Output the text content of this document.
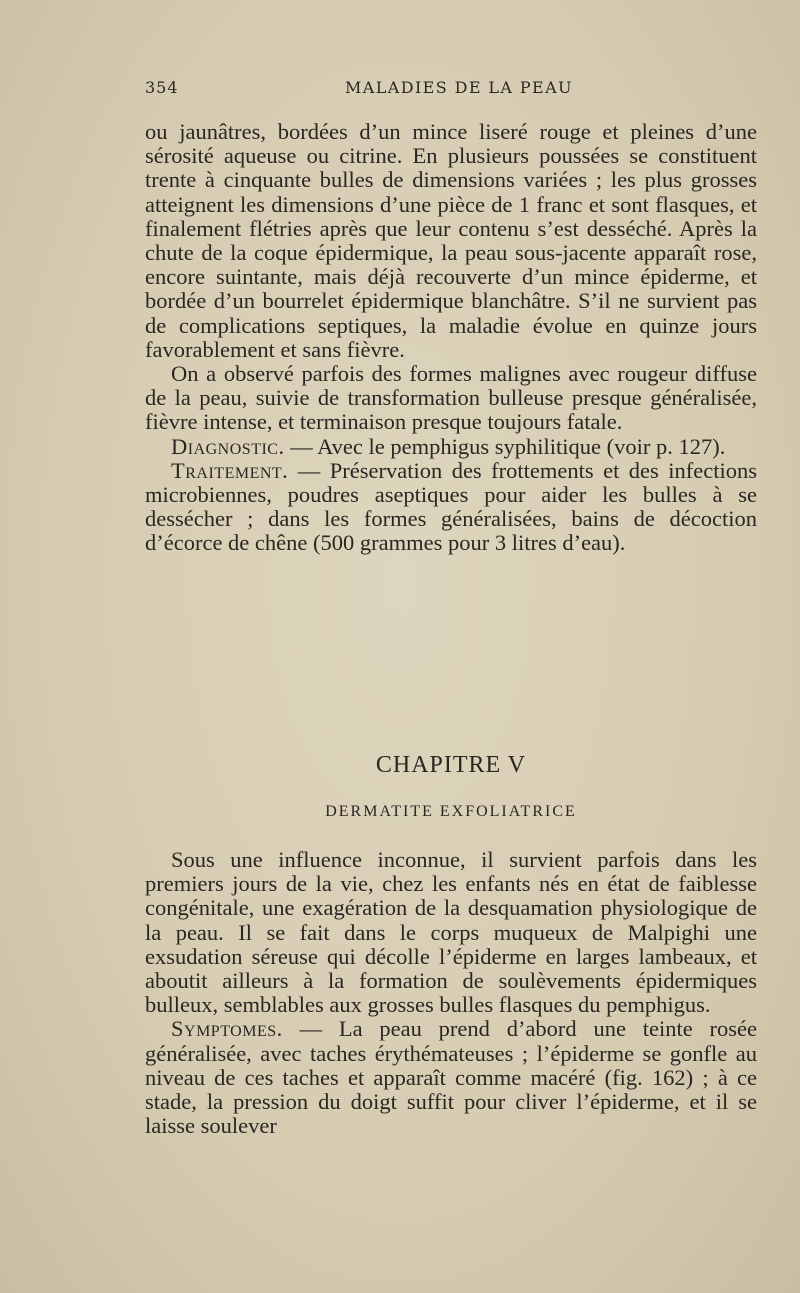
354	MALADIES DE LA PEAU

ou jaunâtres, bordées d’un mince liseré rouge et pleines d’une sérosité aqueuse ou citrine. En plusieurs poussées se constituent trente à cinquante bulles de dimensions variées ; les plus grosses atteignent les dimensions d’une pièce de 1 franc et sont flasques, et finalement flétries après que leur contenu s’est desséché. Après la chute de la coque épidermique, la peau sous-jacente apparaît rose, encore suintante, mais déjà recouverte d’un mince épiderme, et bordée d’un bourrelet épidermique blanchâtre. S’il ne survient pas de complications septiques, la maladie évolue en quinze jours favorablement et sans fièvre.

On a observé parfois des formes malignes avec rougeur diffuse de la peau, suivie de transformation bulleuse presque généralisée, fièvre intense, et terminaison presque toujours fatale.

Diagnostic. — Avec le pemphigus syphilitique (voir p. 127).

Traitement. — Préservation des frottements et des infections microbiennes, poudres aseptiques pour aider les bulles à se dessécher ; dans les formes généralisées, bains de décoction d’écorce de chêne (500 grammes pour 3 litres d’eau).

CHAPITRE V
DERMATITE EXFOLIATRICE

Sous une influence inconnue, il survient parfois dans les premiers jours de la vie, chez les enfants nés en état de faiblesse congénitale, une exagération de la desquamation physiologique de la peau. Il se fait dans le corps muqueux de Malpighi une exsudation séreuse qui décolle l’épiderme en larges lambeaux, et aboutit ailleurs à la formation de soulèvements épidermiques bulleux, semblables aux grosses bulles flasques du pemphigus.

Symptomes. — La peau prend d’abord une teinte rosée généralisée, avec taches érythémateuses ; l’épiderme se gonfle au niveau de ces taches et apparaît comme macéré (fig. 162) ; à ce stade, la pression du doigt suffit pour cliver l’épiderme, et il se laisse soulever
